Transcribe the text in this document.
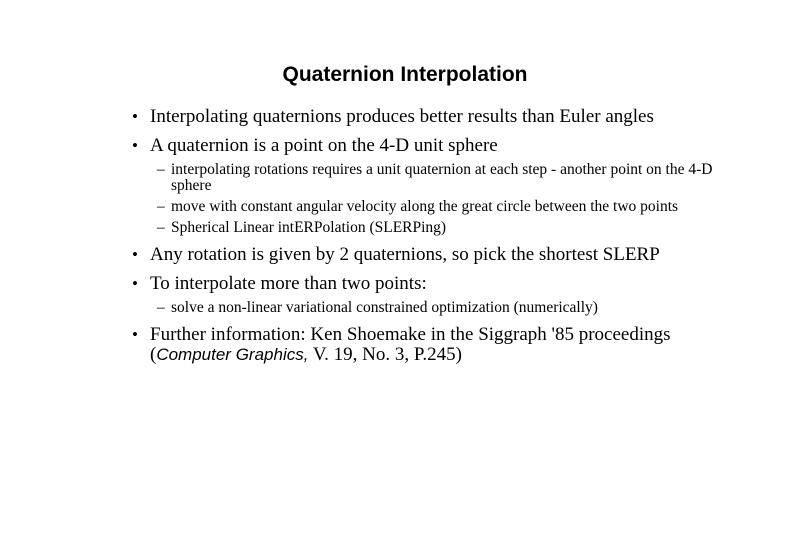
Quaternion Interpolation
• Interpolating quaternions produces better results than Euler angles
• A quaternion is a point on the 4-D unit sphere
– interpolating rotations requires a unit quaternion at each step - another point on the 4-D sphere
– move with constant angular velocity along the great circle between the two points
– Spherical Linear intERPolation (SLERPing)
• Any rotation is given by 2 quaternions, so pick the shortest SLERP
• To interpolate more than two points:
– solve a non-linear variational constrained optimization (numerically)
• Further information: Ken Shoemake in the Siggraph '85 proceedings (Computer Graphics, V. 19, No. 3, P.245)
